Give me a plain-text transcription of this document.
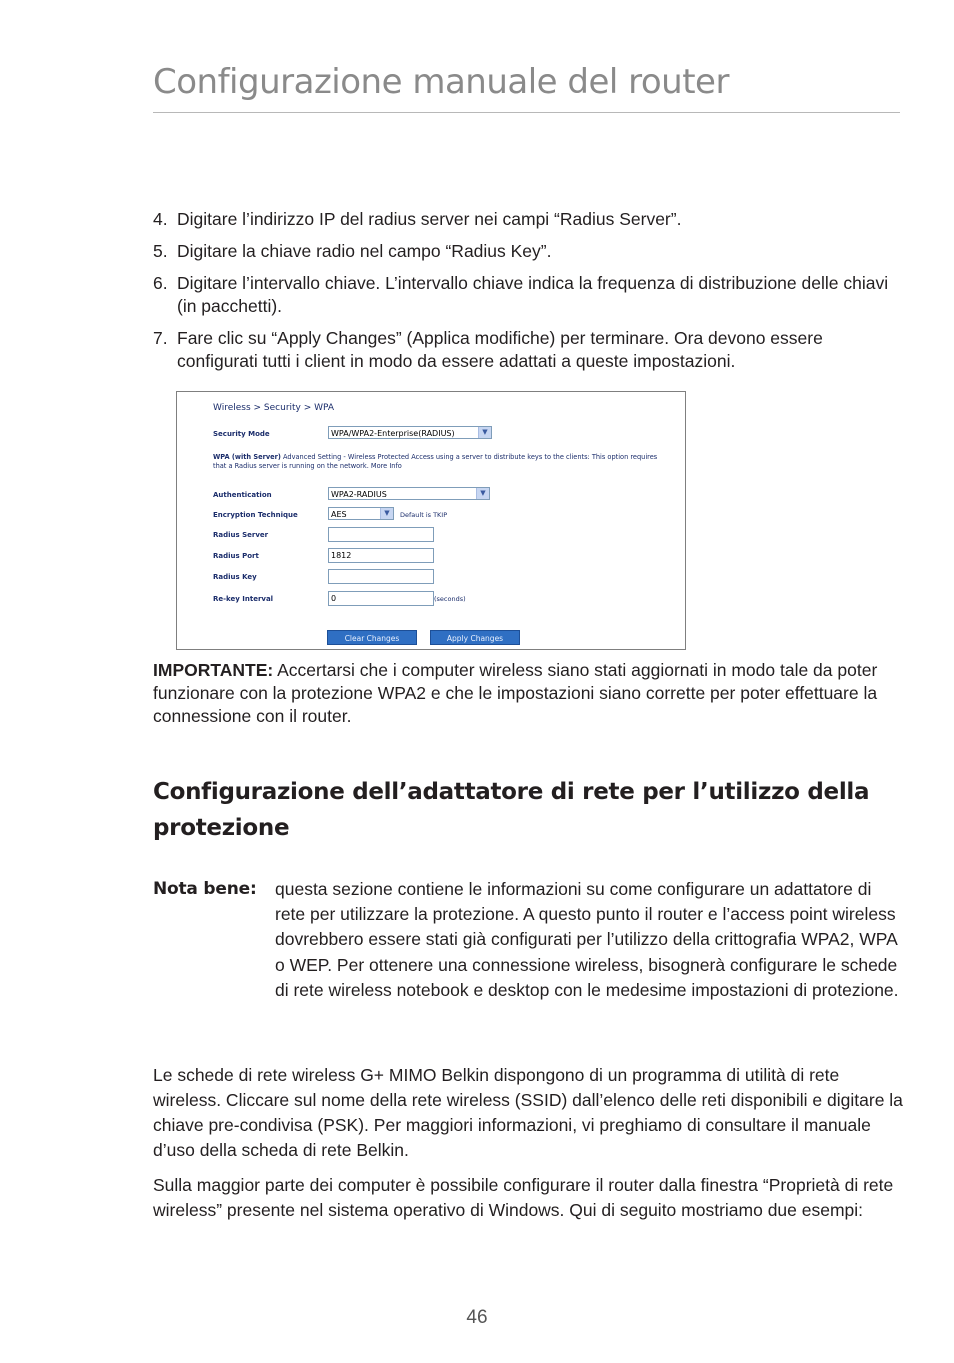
Configurazione manuale del router
4. Digitare l’indirizzo IP del radius server nei campi “Radius Server”.
5. Digitare la chiave radio nel campo “Radius Key”.
6. Digitare l’intervallo chiave. L’intervallo chiave indica la frequenza di distribuzione delle chiavi (in pacchetti).
7. Fare clic su “Apply Changes” (Applica modifiche) per terminare. Ora devono essere configurati tutti i client in modo da essere adattati a queste impostazioni.
Wireless > Security > WPA
Security Mode	WPA/WPA2-Enterprise(RADIUS)	▼
WPA (with Server) Advanced Setting - Wireless Protected Access using a server to distribute keys to the clients: This option requires that a Radius server is running on the network. More Info
Authentication	WPA2-RADIUS	▼
Encryption Technique	AES	▼	Default is TKIP
Radius Server
Radius Port	1812
Radius Key
Re-key Interval	0	(seconds)
Clear Changes	Apply Changes
IMPORTANTE: Accertarsi che i computer wireless siano stati aggiornati in modo tale da poter funzionare con la protezione WPA2 e che le impostazioni siano corrette per poter effettuare la connessione con il router.
Configurazione dell’adattatore di rete per l’utilizzo della protezione
Nota bene: questa sezione contiene le informazioni su come configurare un adattatore di rete per utilizzare la protezione. A questo punto il router e l’access point wireless dovrebbero essere stati già configurati per l’utilizzo della crittografia WPA2, WPA o WEP. Per ottenere una connessione wireless, bisognerà configurare le schede di rete wireless notebook e desktop con le medesime impostazioni di protezione.
Le schede di rete wireless G+ MIMO Belkin dispongono di un programma di utilità di rete wireless. Cliccare sul nome della rete wireless (SSID) dall’elenco delle reti disponibili e digitare la chiave pre-condivisa (PSK). Per maggiori informazioni, vi preghiamo di consultare il manuale d’uso della scheda di rete Belkin.
Sulla maggior parte dei computer è possibile configurare il router dalla finestra “Proprietà di rete wireless” presente nel sistema operativo di Windows. Qui di seguito mostriamo due esempi:
46
